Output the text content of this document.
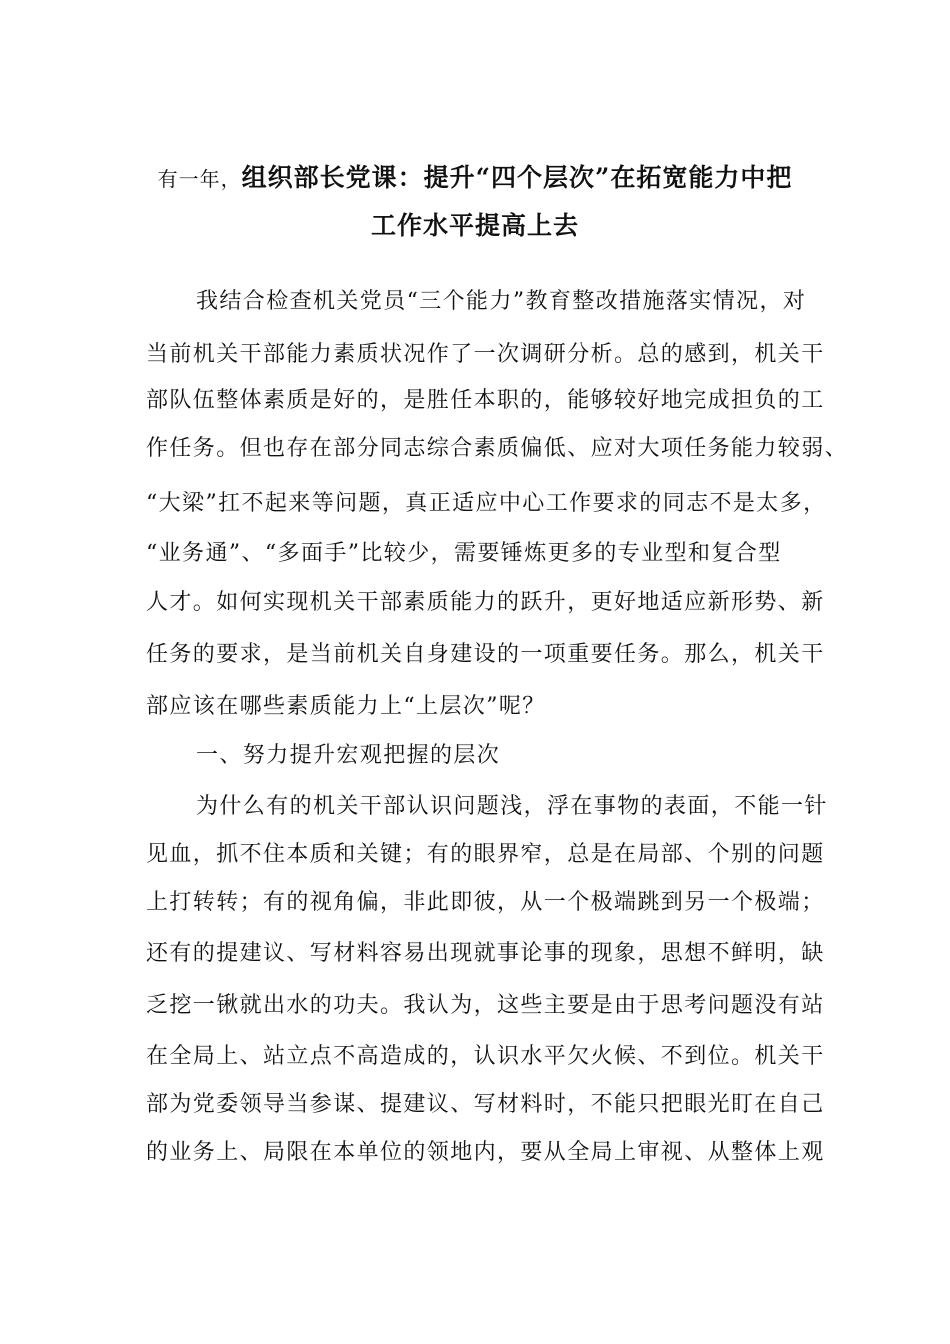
有一年，组织部长党课：提升“四个层次”在拓宽能力中把
工作水平提高上去
我结合检查机关党员“三个能力”教育整改措施落实情况，对
当前机关干部能力素质状况作了一次调研分析。总的感到，机关干
部队伍整体素质是好的，是胜任本职的，能够较好地完成担负的工
作任务。但也存在部分同志综合素质偏低、应对大项任务能力较弱、
“大梁”扛不起来等问题，真正适应中心工作要求的同志不是太多，
“业务通”、“多面手”比较少，需要锤炼更多的专业型和复合型
人才。如何实现机关干部素质能力的跃升，更好地适应新形势、新
任务的要求，是当前机关自身建设的一项重要任务。那么，机关干
部应该在哪些素质能力上“上层次”呢？
一、努力提升宏观把握的层次
为什么有的机关干部认识问题浅，浮在事物的表面，不能一针
见血，抓不住本质和关键；有的眼界窄，总是在局部、个别的问题
上打转转；有的视角偏，非此即彼，从一个极端跳到另一个极端；
还有的提建议、写材料容易出现就事论事的现象，思想不鲜明，缺
乏挖一锹就出水的功夫。我认为，这些主要是由于思考问题没有站
在全局上、站立点不高造成的，认识水平欠火候、不到位。机关干
部为党委领导当参谋、提建议、写材料时，不能只把眼光盯在自己
的业务上、局限在本单位的领地内，要从全局上审视、从整体上观
